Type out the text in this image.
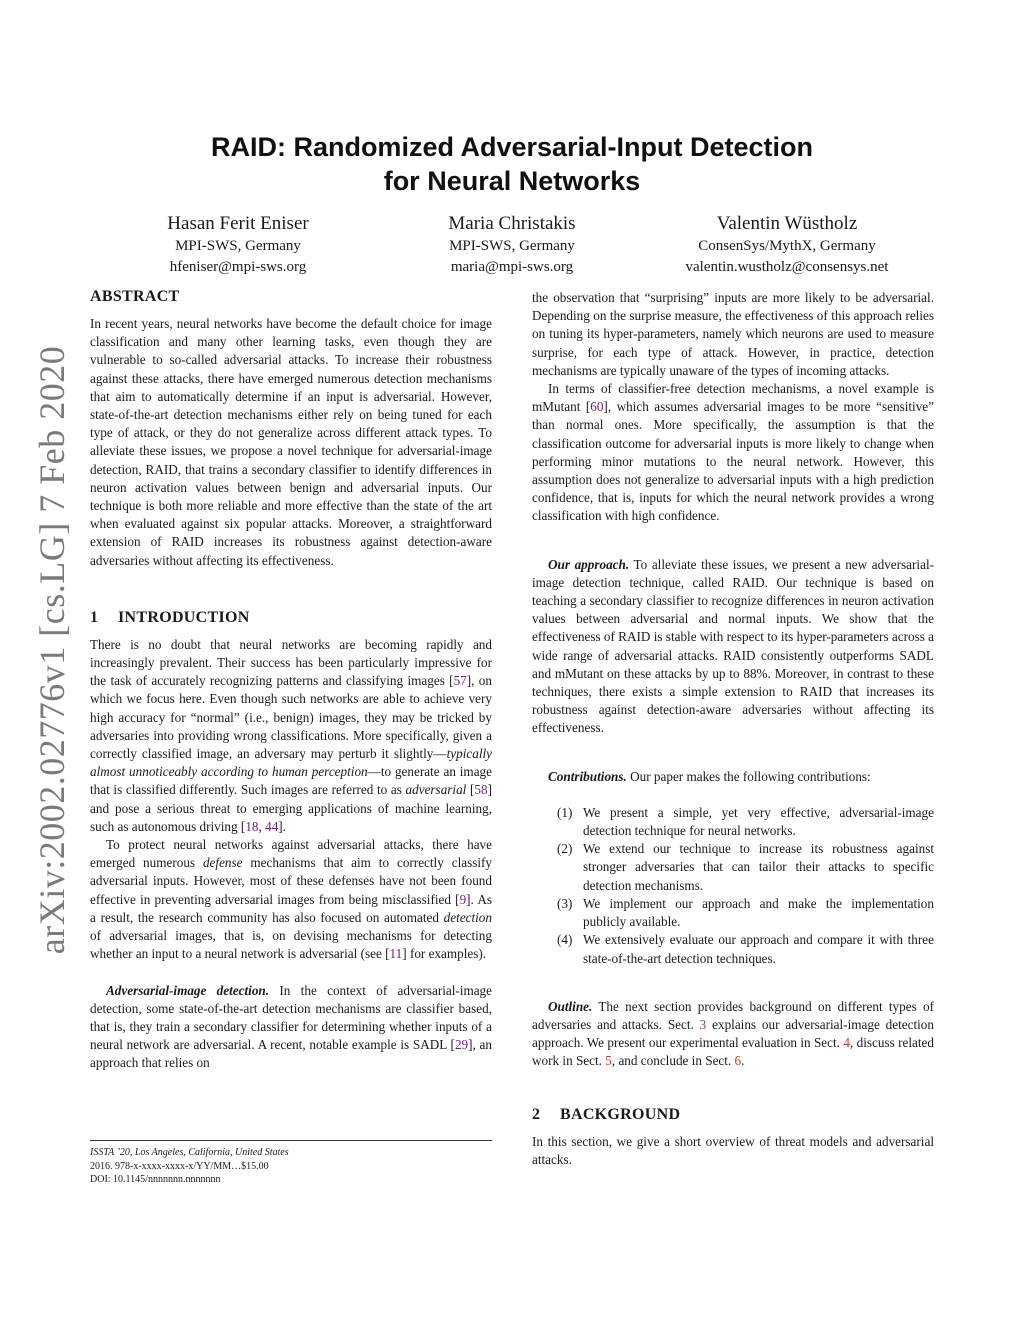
arXiv:2002.02776v1 [cs.LG] 7 Feb 2020
RAID: Randomized Adversarial-Input Detection
for Neural Networks
Hasan Ferit Eniser
MPI-SWS, Germany
hfeniser@mpi-sws.org
Maria Christakis
MPI-SWS, Germany
maria@mpi-sws.org
Valentin Wüstholz
ConsenSys/MythX, Germany
valentin.wustholz@consensys.net
ABSTRACT

In recent years, neural networks have become the default choice for image classification and many other learning tasks, even though they are vulnerable to so-called adversarial attacks. To increase their robustness against these attacks, there have emerged numerous detection mechanisms that aim to automatically determine if an input is adversarial. However, state-of-the-art detection mechanisms either rely on being tuned for each type of attack, or they do not generalize across different attack types. To alleviate these issues, we propose a novel technique for adversarial-image detection, RAID, that trains a secondary classifier to identify differences in neuron activation values between benign and adversarial inputs. Our technique is both more reliable and more effective than the state of the art when evaluated against six popular attacks. Moreover, a straightforward extension of RAID increases its robustness against detection-aware adversaries without affecting its effectiveness.

1 INTRODUCTION

There is no doubt that neural networks are becoming rapidly and increasingly prevalent. Their success has been particularly impressive for the task of accurately recognizing patterns and classifying images [57], on which we focus here. Even though such networks are able to achieve very high accuracy for “normal” (i.e., benign) images, they may be tricked by adversaries into providing wrong classifications. More specifically, given a correctly classified image, an adversary may perturb it slightly—typically almost unnoticeably according to human perception—to generate an image that is classified differently. Such images are referred to as adversarial [58] and pose a serious threat to emerging applications of machine learning, such as autonomous driving [18, 44].

To protect neural networks against adversarial attacks, there have emerged numerous defense mechanisms that aim to correctly classify adversarial inputs. However, most of these defenses have not been found effective in preventing adversarial images from being misclassified [9]. As a result, the research community has also focused on automated detection of adversarial images, that is, on devising mechanisms for detecting whether an input to a neural network is adversarial (see [11] for examples).

Adversarial-image detection. In the context of adversarial-image detection, some state-of-the-art detection mechanisms are classifier based, that is, they train a secondary classifier for determining whether inputs of a neural network are adversarial. A recent, notable example is SADL [29], an approach that relies on

the observation that “surprising” inputs are more likely to be adversarial. Depending on the surprise measure, the effectiveness of this approach relies on tuning its hyper-parameters, namely which neurons are used to measure surprise, for each type of attack. However, in practice, detection mechanisms are typically unaware of the types of incoming attacks.

In terms of classifier-free detection mechanisms, a novel example is mMutant [60], which assumes adversarial images to be more “sensitive” than normal ones. More specifically, the assumption is that the classification outcome for adversarial inputs is more likely to change when performing minor mutations to the neural network. However, this assumption does not generalize to adversarial inputs with a high prediction confidence, that is, inputs for which the neural network provides a wrong classification with high confidence.

Our approach. To alleviate these issues, we present a new adversarial-image detection technique, called RAID. Our technique is based on teaching a secondary classifier to recognize differences in neuron activation values between adversarial and normal inputs. We show that the effectiveness of RAID is stable with respect to its hyper-parameters across a wide range of adversarial attacks. RAID consistently outperforms SADL and mMutant on these attacks by up to 88%. Moreover, in contrast to these techniques, there exists a simple extension to RAID that increases its robustness against detection-aware adversaries without affecting its effectiveness.

Contributions. Our paper makes the following contributions:

(1) We present a simple, yet very effective, adversarial-image detection technique for neural networks.
(2) We extend our technique to increase its robustness against stronger adversaries that can tailor their attacks to specific detection mechanisms.
(3) We implement our approach and make the implementation publicly available.
(4) We extensively evaluate our approach and compare it with three state-of-the-art detection techniques.

Outline. The next section provides background on different types of adversaries and attacks. Sect. 3 explains our adversarial-image detection approach. We present our experimental evaluation in Sect. 4, discuss related work in Sect. 5, and conclude in Sect. 6.

2 BACKGROUND

In this section, we give a short overview of threat models and adversarial attacks.

ISSTA ’20, Los Angeles, California, United States
2016. 978-x-xxxx-xxxx-x/YY/MM…$15.00
DOI: 10.1145/nnnnnnn.nnnnnnn
